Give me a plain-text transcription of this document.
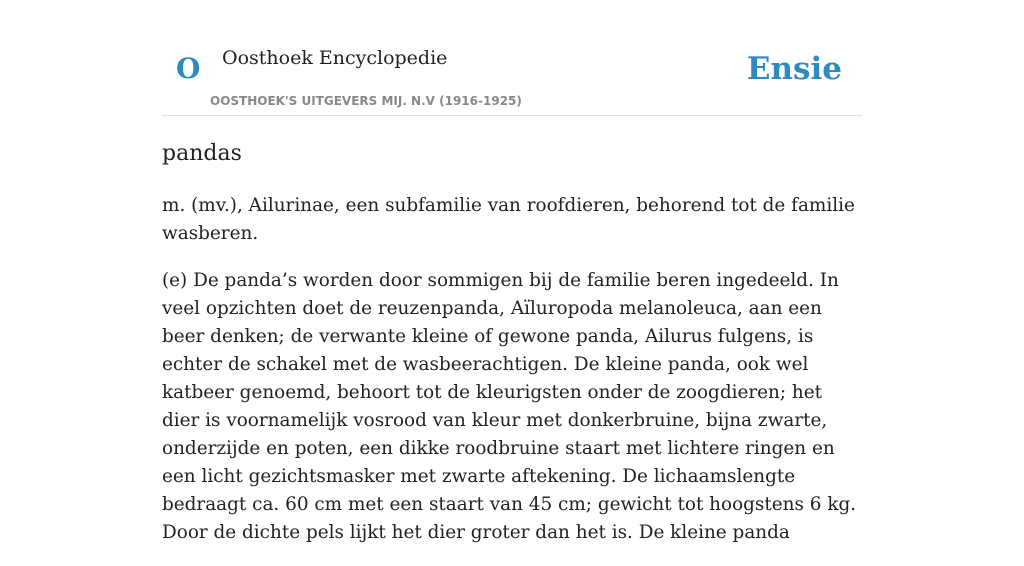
O Oosthoek Encyclopedie
OOSTHOEK'S UITGEVERS MIJ. N.V (1916-1925)
Ensie
pandas

m. (mv.), Ailurinae, een subfamilie van roofdieren, behorend tot de familie wasberen.

(e) De panda’s worden door sommigen bij de familie beren ingedeeld. In veel opzichten doet de reuzenpanda, Aïluropoda melanoleuca, aan een beer denken; de verwante kleine of gewone panda, Ailurus fulgens, is echter de schakel met de wasbeerachtigen. De kleine panda, ook wel katbeer genoemd, behoort tot de kleurigsten onder de zoogdieren; het dier is voornamelijk vosrood van kleur met donkerbruine, bijna zwarte, onderzijde en poten, een dikke roodbruine staart met lichtere ringen en een licht gezichtsmasker met zwarte aftekening. De lichaamslengte bedraagt ca. 60 cm met een staart van 45 cm; gewicht tot hoogstens 6 kg. Door de dichte pels lijkt het dier groter dan het is. De kleine panda
